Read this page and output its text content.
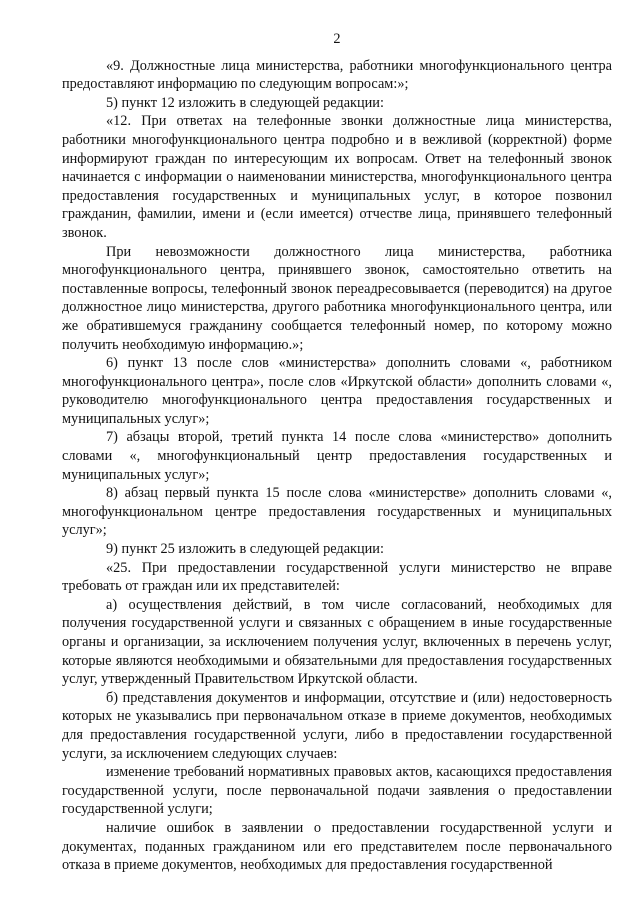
2

«9. Должностные лица министерства, работники многофункционального центра предоставляют информацию по следующим вопросам:»;

5) пункт 12 изложить в следующей редакции:

«12. При ответах на телефонные звонки должностные лица министерства, работники многофункционального центра подробно и в вежливой (корректной) форме информируют граждан по интересующим их вопросам. Ответ на телефонный звонок начинается с информации о наименовании министерства, многофункционального центра предоставления государственных и муниципальных услуг, в которое позвонил гражданин, фамилии, имени и (если имеется) отчестве лица, принявшего телефонный звонок.

При невозможности должностного лица министерства, работника многофункционального центра, принявшего звонок, самостоятельно ответить на поставленные вопросы, телефонный звонок переадресовывается (переводится) на другое должностное лицо министерства, другого работника многофункционального центра, или же обратившемуся гражданину сообщается телефонный номер, по которому можно получить необходимую информацию.»;

6) пункт 13 после слов «министерства» дополнить словами «, работником многофункционального центра», после слов «Иркутской области» дополнить словами «, руководителю многофункционального центра предоставления государственных и муниципальных услуг»;

7) абзацы второй, третий пункта 14 после слова «министерство» дополнить словами «, многофункциональный центр предоставления государственных и муниципальных услуг»;

8) абзац первый пункта 15 после слова «министерстве» дополнить словами «, многофункциональном центре предоставления государственных и муниципальных услуг»;

9) пункт 25 изложить в следующей редакции:

«25. При предоставлении государственной услуги министерство не вправе требовать от граждан или их представителей:

а) осуществления действий, в том числе согласований, необходимых для получения государственной услуги и связанных с обращением в иные государственные органы и организации, за исключением получения услуг, включенных в перечень услуг, которые являются необходимыми и обязательными для предоставления государственных услуг, утвержденный Правительством Иркутской области.

б) представления документов и информации, отсутствие и (или) недостоверность которых не указывались при первоначальном отказе в приеме документов, необходимых для предоставления государственной услуги, либо в предоставлении государственной услуги, за исключением следующих случаев:

изменение требований нормативных правовых актов, касающихся предоставления государственной услуги, после первоначальной подачи заявления о предоставлении государственной услуги;

наличие ошибок в заявлении о предоставлении государственной услуги и документах, поданных гражданином или его представителем после первоначального отказа в приеме документов, необходимых для предоставления государственной
